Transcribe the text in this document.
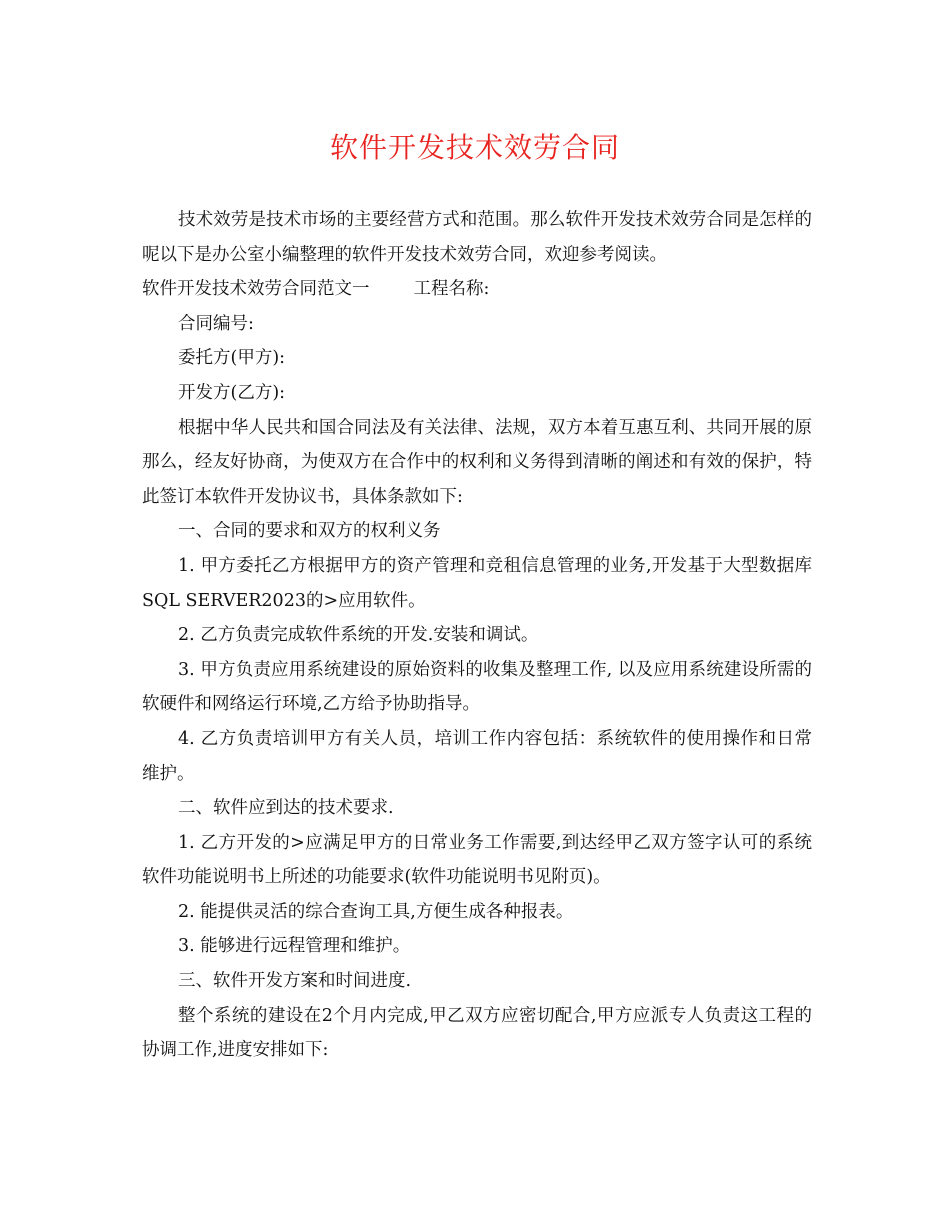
软件开发技术效劳合同

技术效劳是技术市场的主要经营方式和范围。那么软件开发技术效劳合同是怎样的呢以下是办公室小编整理的软件开发技术效劳合同，欢迎参考阅读。

软件开发技术效劳合同范文一	工程名称:

合同编号:

委托方(甲方):

开发方(乙方):

根据中华人民共和国合同法及有关法律、法规，双方本着互惠互利、共同开展的原那么，经友好协商，为使双方在合作中的权利和义务得到清晰的阐述和有效的保护，特此签订本软件开发协议书，具体条款如下:

一、合同的要求和双方的权利义务

1. 甲方委托乙方根据甲方的资产管理和竞租信息管理的业务,开发基于大型数据库SQL SERVER2023的>应用软件。

2. 乙方负责完成软件系统的开发.安装和调试。

3. 甲方负责应用系统建设的原始资料的收集及整理工作, 以及应用系统建设所需的软硬件和网络运行环境,乙方给予协助指导。

4. 乙方负责培训甲方有关人员，培训工作内容包括：系统软件的使用操作和日常维护。

二、软件应到达的技术要求.

1. 乙方开发的>应满足甲方的日常业务工作需要,到达经甲乙双方签字认可的系统软件功能说明书上所述的功能要求(软件功能说明书见附页)。

2. 能提供灵活的综合查询工具,方便生成各种报表。

3. 能够进行远程管理和维护。

三、软件开发方案和时间进度.

整个系统的建设在2个月内完成,甲乙双方应密切配合,甲方应派专人负责这工程的协调工作,进度安排如下:
